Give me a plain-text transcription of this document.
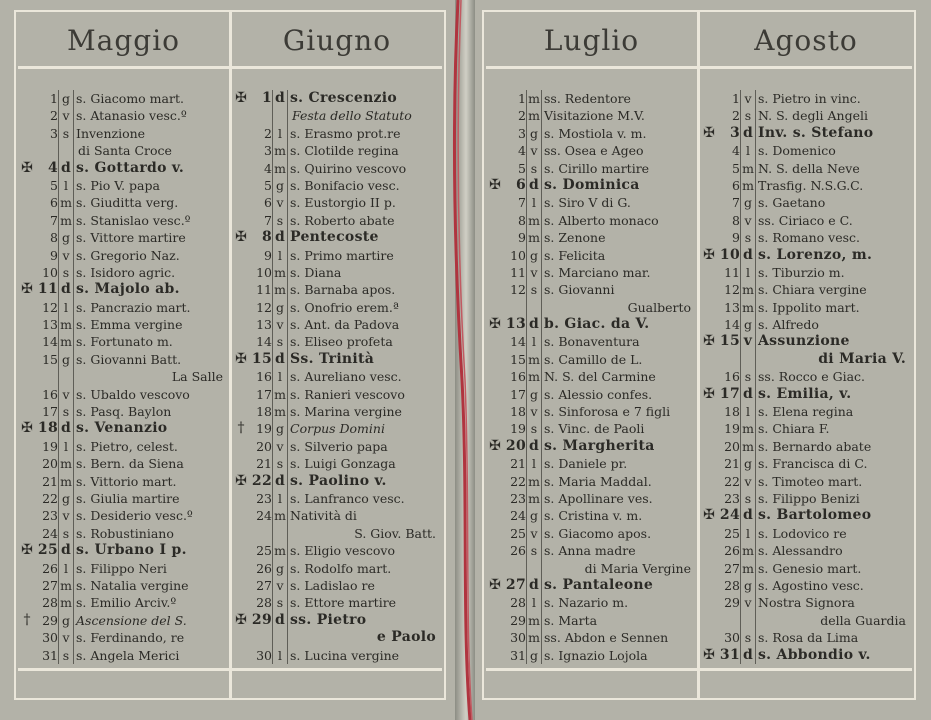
Maggio
1 g s. Giacomo mart.
2 v s. Atanasio vesc.º
3 s Invenzione

di Santa Croce
✠	4 d s. Gottardo v.
5 l s. Pio V. papa
6 m s. Giuditta verg.
7 m s. Stanislao vesc.º
8 g s. Vittore martire
9 v s. Gregorio Naz.
10 s s. Isidoro agric.
✠ 11 d s. Majolo ab.
12 l s. Pancrazio mart.
13 m s. Emma vergine
14 m s. Fortunato m.
15 g s. Giovanni Batt.

La Salle
16 v s. Ubaldo vescovo
17 s s. Pasq. Baylon
✠ 18 d s. Venanzio
19 l s. Pietro, celest.
20 m s. Bern. da Siena
21 m s. Vittorio mart.
22 g s. Giulia martire
23 v s. Desiderio vesc.º
24 s s. Robustiniano
✠ 25 d s. Urbano I p.
26 l s. Filippo Neri
27 m s. Natalia vergine
28 m s. Emilio Arciv.º
† 29 g Ascensione del S.
30 v s. Ferdinando, re
31 s s. Angela Merici
Giugno
✠	1 d s. Crescenzio

Festa dello Statuto
2 l s. Erasmo prot.re
3 m s. Clotilde regina
4 m s. Quirino vescovo
5 g s. Bonifacio vesc.
6 v s. Eustorgio II p.
7 s s. Roberto abate
✠	8 d Pentecoste
9 l s. Primo martire
10 m s. Diana
11 m s. Barnaba apos.
12 g s. Onofrio erem.ª
13 v s. Ant. da Padova
14 s s. Eliseo profeta
✠ 15 d Ss. Trinità
16 l s. Aureliano vesc.
17 m s. Ranieri vescovo
18 m s. Marina vergine
† 19 g Corpus Domini
20 v s. Silverio papa
21 s s. Luigi Gonzaga
✠ 22 d s. Paolino v.
23 l s. Lanfranco vesc.
24 m Natività di

S. Giov. Batt.
25 m s. Eligio vescovo
26 g s. Rodolfo mart.
27 v s. Ladislao re
28 s s. Ettore martire
✠ 29 d ss. Pietro

e Paolo
30 l s. Lucina vergine
Luglio
1 m ss. Redentore
2 m Visitazione M.V.
3 g s. Mostiola v. m.
4 v ss. Osea e Ageo
5 s s. Cirillo martire
✠	6 d s. Dominica
7 l s. Siro V di G.
8 m s. Alberto monaco
9 m s. Zenone
10 g s. Felicita
11 v s. Marciano mar.
12 s s. Giovanni

Gualberto
✠ 13 d b. Giac. da V.
14 l s. Bonaventura
15 m s. Camillo de L.
16 m N. S. del Carmine
17 g s. Alessio confes.
18 v s. Sinforosa e 7 figli
19 s s. Vinc. de Paoli
✠ 20 d s. Margherita
21 l s. Daniele pr.
22 m s. Maria Maddal.
23 m s. Apollinare ves.
24 g s. Cristina v. m.
25 v s. Giacomo apos.
26 s s. Anna madre

di Maria Vergine
✠ 27 d s. Pantaleone
28 l s. Nazario m.
29 m s. Marta
30 m ss. Abdon e Sennen
31 g s. Ignazio Lojola
Agosto
1 v s. Pietro in vinc.
2 s N. S. degli Angeli
✠	3 d Inv. s. Stefano
4 l s. Domenico
5 m N. S. della Neve
6 m Trasfig. N.S.G.C.
7 g s. Gaetano
8 v ss. Ciriaco e C.
9 s s. Romano vesc.
✠ 10 d s. Lorenzo, m.
11 l s. Tiburzio m.
12 m s. Chiara vergine
13 m s. Ippolito mart.
14 g s. Alfredo
✠ 15 v Assunzione

di Maria V.
16 s ss. Rocco e Giac.
✠ 17 d s. Emilia, v.
18 l s. Elena regina
19 m s. Chiara F.
20 m s. Bernardo abate
21 g s. Francisca di C.
22 v s. Timoteo mart.
23 s s. Filippo Benizi
✠ 24 d s. Bartolomeo
25 l s. Lodovico re
26 m s. Alessandro
27 m s. Genesio mart.
28 g s. Agostino vesc.
29 v Nostra Signora

della Guardia
30 s s. Rosa da Lima
✠ 31 d s. Abbondio v.
